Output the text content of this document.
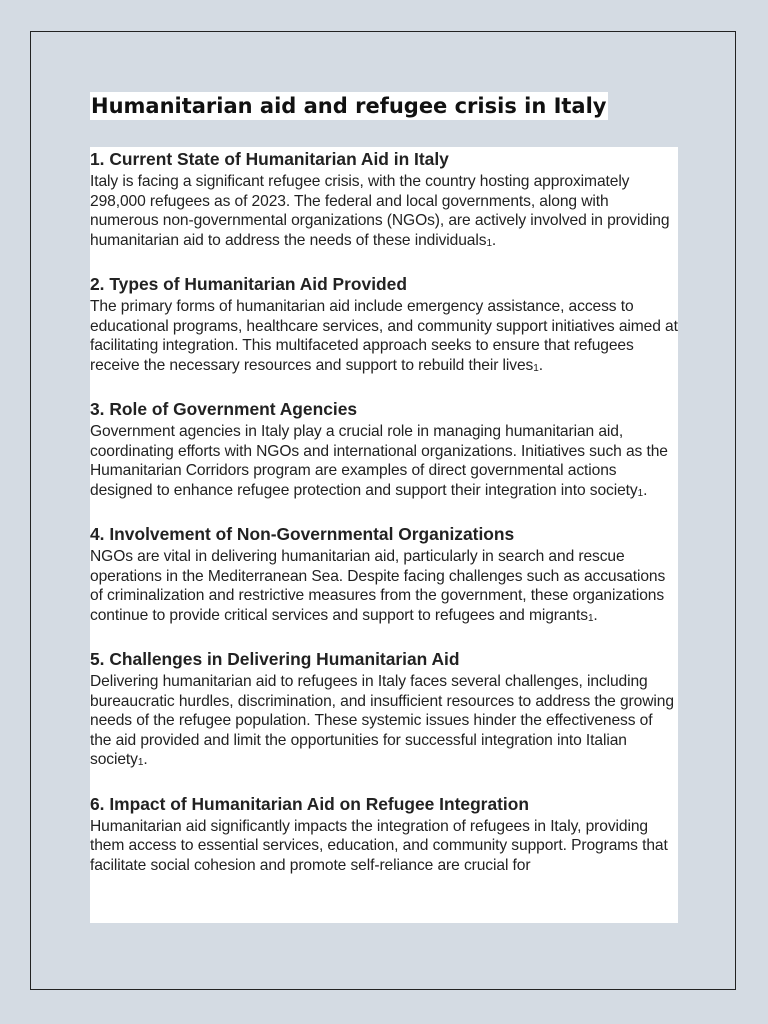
Humanitarian aid and refugee crisis in Italy
1. Current State of Humanitarian Aid in Italy

Italy is facing a significant refugee crisis, with the country hosting approximately 298,000 refugees as of 2023. The federal and local governments, along with numerous non-governmental organizations (NGOs), are actively involved in providing humanitarian aid to address the needs of these individuals$_1$.

2. Types of Humanitarian Aid Provided

The primary forms of humanitarian aid include emergency assistance, access to educational programs, healthcare services, and community support initiatives aimed at facilitating integration. This multifaceted approach seeks to ensure that refugees receive the necessary resources and support to rebuild their lives$_1$.

3. Role of Government Agencies

Government agencies in Italy play a crucial role in managing humanitarian aid, coordinating efforts with NGOs and international organizations. Initiatives such as the Humanitarian Corridors program are examples of direct governmental actions designed to enhance refugee protection and support their integration into society$_1$.

4. Involvement of Non-Governmental Organizations

NGOs are vital in delivering humanitarian aid, particularly in search and rescue operations in the Mediterranean Sea. Despite facing challenges such as accusations of criminalization and restrictive measures from the government, these organizations continue to provide critical services and support to refugees and migrants$_1$.

5. Challenges in Delivering Humanitarian Aid

Delivering humanitarian aid to refugees in Italy faces several challenges, including bureaucratic hurdles, discrimination, and insufficient resources to address the growing needs of the refugee population. These systemic issues hinder the effectiveness of the aid provided and limit the opportunities for successful integration into Italian society$_1$.

6. Impact of Humanitarian Aid on Refugee Integration

Humanitarian aid significantly impacts the integration of refugees in Italy, providing them access to essential services, education, and community support. Programs that facilitate social cohesion and promote self-reliance are crucial for
